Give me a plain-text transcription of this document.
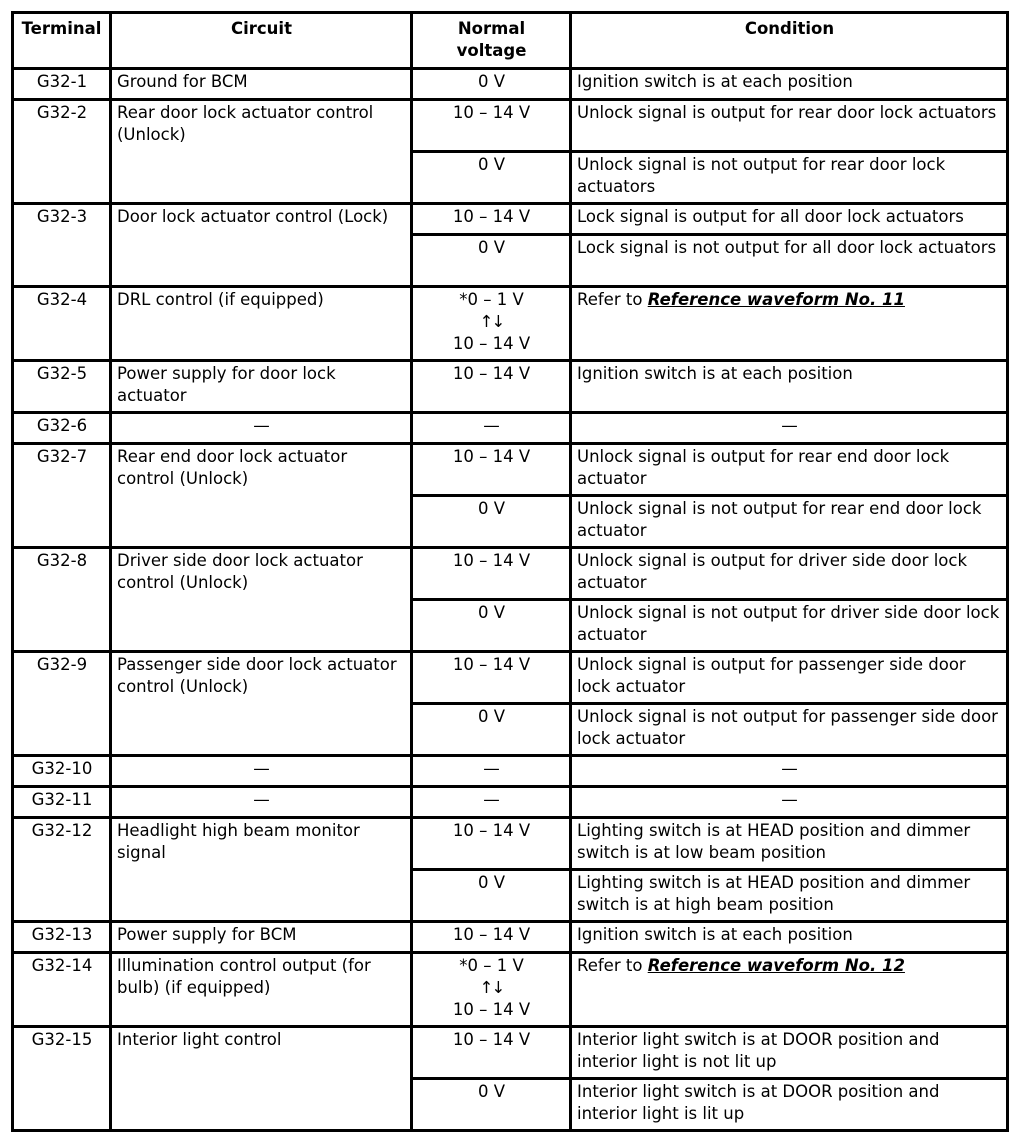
Terminal	Circuit	Normal voltage	Condition
G32-1	Ground for BCM	0 V	Ignition switch is at each position
G32-2	Rear door lock actuator control (Unlock)	10 – 14 V	Unlock signal is output for rear door lock actuators
		0 V	Unlock signal is not output for rear door lock actuators
G32-3	Door lock actuator control (Lock)	10 – 14 V	Lock signal is output for all door lock actuators
		0 V	Lock signal is not output for all door lock actuators
G32-4	DRL control (if equipped)	*0 – 1 V
↑↓
10 – 14 V	Refer to Reference waveform No. 11
G32-5	Power supply for door lock actuator	10 – 14 V	Ignition switch is at each position
G32-6	—	—	—
G32-7	Rear end door lock actuator control (Unlock)	10 – 14 V	Unlock signal is output for rear end door lock actuator
		0 V	Unlock signal is not output for rear end door lock actuator
G32-8	Driver side door lock actuator control (Unlock)	10 – 14 V	Unlock signal is output for driver side door lock actuator
		0 V	Unlock signal is not output for driver side door lock actuator
G32-9	Passenger side door lock actuator control (Unlock)	10 – 14 V	Unlock signal is output for passenger side door lock actuator
		0 V	Unlock signal is not output for passenger side door lock actuator
G32-10	—	—	—
G32-11	—	—	—
G32-12	Headlight high beam monitor signal	10 – 14 V	Lighting switch is at HEAD position and dimmer switch is at low beam position
		0 V	Lighting switch is at HEAD position and dimmer switch is at high beam position
G32-13	Power supply for BCM	10 – 14 V	Ignition switch is at each position
G32-14	Illumination control output (for bulb) (if equipped)	*0 – 1 V
↑↓
10 – 14 V	Refer to Reference waveform No. 12
G32-15	Interior light control	10 – 14 V	Interior light switch is at DOOR position and interior light is not lit up
		0 V	Interior light switch is at DOOR position and interior light is lit up
